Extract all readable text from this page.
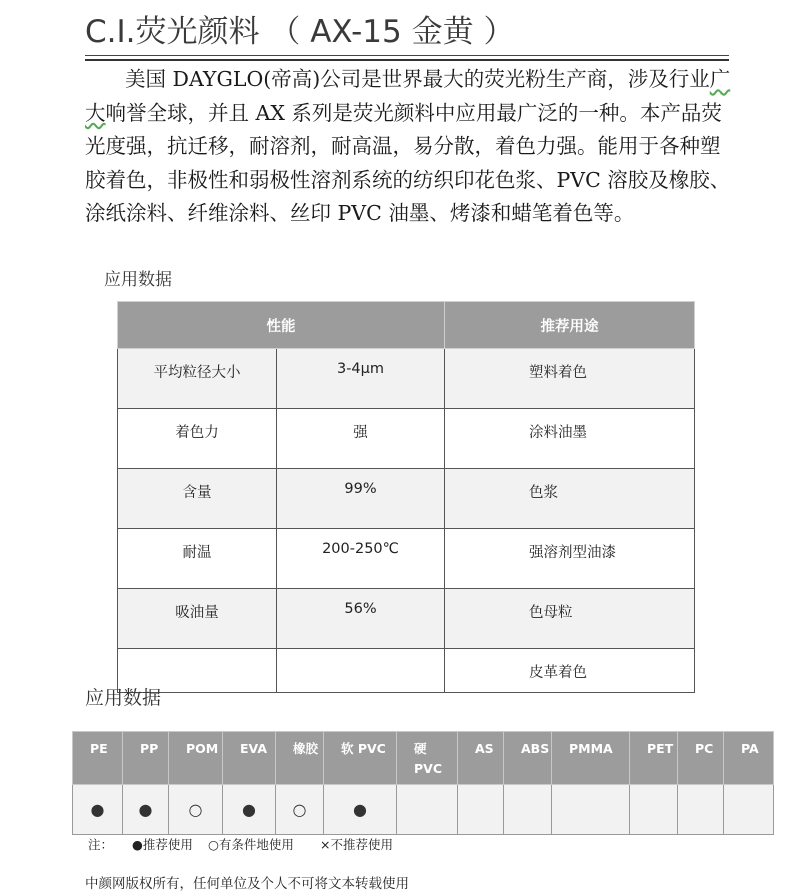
C.I.荧光颜料 （ AX-15 金黄 ）
美国 DAYGLO(帝高)公司是世界最大的荧光粉生产商，涉及行业广大响誉全球，并且 AX 系列是荧光颜料中应用最广泛的一种。本产品荧光度强，抗迁移，耐溶剂，耐高温，易分散，着色力强。能用于各种塑胶着色，非极性和弱极性溶剂系统的纺织印花色浆、PVC 溶胶及橡胶、涂纸涂料、纤维涂料、丝印 PVC 油墨、烤漆和蜡笔着色等。
应用数据
性能		推荐用途
平均粒径大小	3-4μm	塑料着色
着色力	强	涂料油墨
含量	99%	色浆
耐温	200-250℃	强溶剂型油漆
吸油量	56%	色母粒
		皮革着色
应用数据
PE	PP	POM	EVA	橡胶	软 PVC	硬 PVC	AS	ABS	PMMA	PET	PC	PA
●	●	○	●	○	●							
注： ●推荐使用 ○有条件地使用 ×不推荐使用
中颜网版权所有，任何单位及个人不可将文本转载使用
